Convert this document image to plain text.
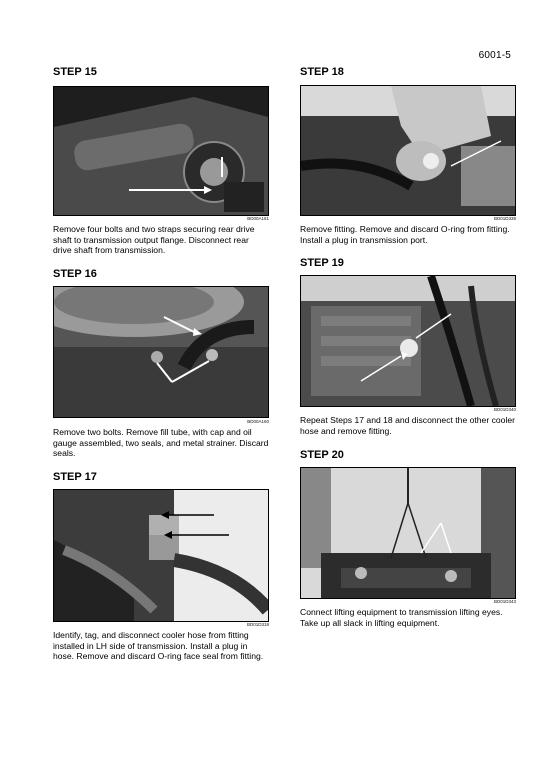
6001-5
STEP 15
BD00A161

Remove four bolts and two straps securing rear drive shaft to transmission output flange. Disconnect rear drive shaft from transmission.

STEP 16
BD00A160

Remove two bolts. Remove fill tube, with cap and oil gauge assembled, two seals, and metal strainer. Discard seals.

STEP 17
BD01D318

Identify, tag, and disconnect cooler hose from fitting installed in LH side of transmission. Install a plug in hose. Remove and discard O-ring face seal from fitting.

STEP 18
BD01D339

Remove fitting. Remove and discard O-ring from fitting. Install a plug in transmission port.

STEP 19
BD01D340

Repeat Steps 17 and 18 and disconnect the other cooler hose and remove fitting.

STEP 20
BD01D343

Connect lifting equipment to transmission lifting eyes. Take up all slack in lifting equipment.
